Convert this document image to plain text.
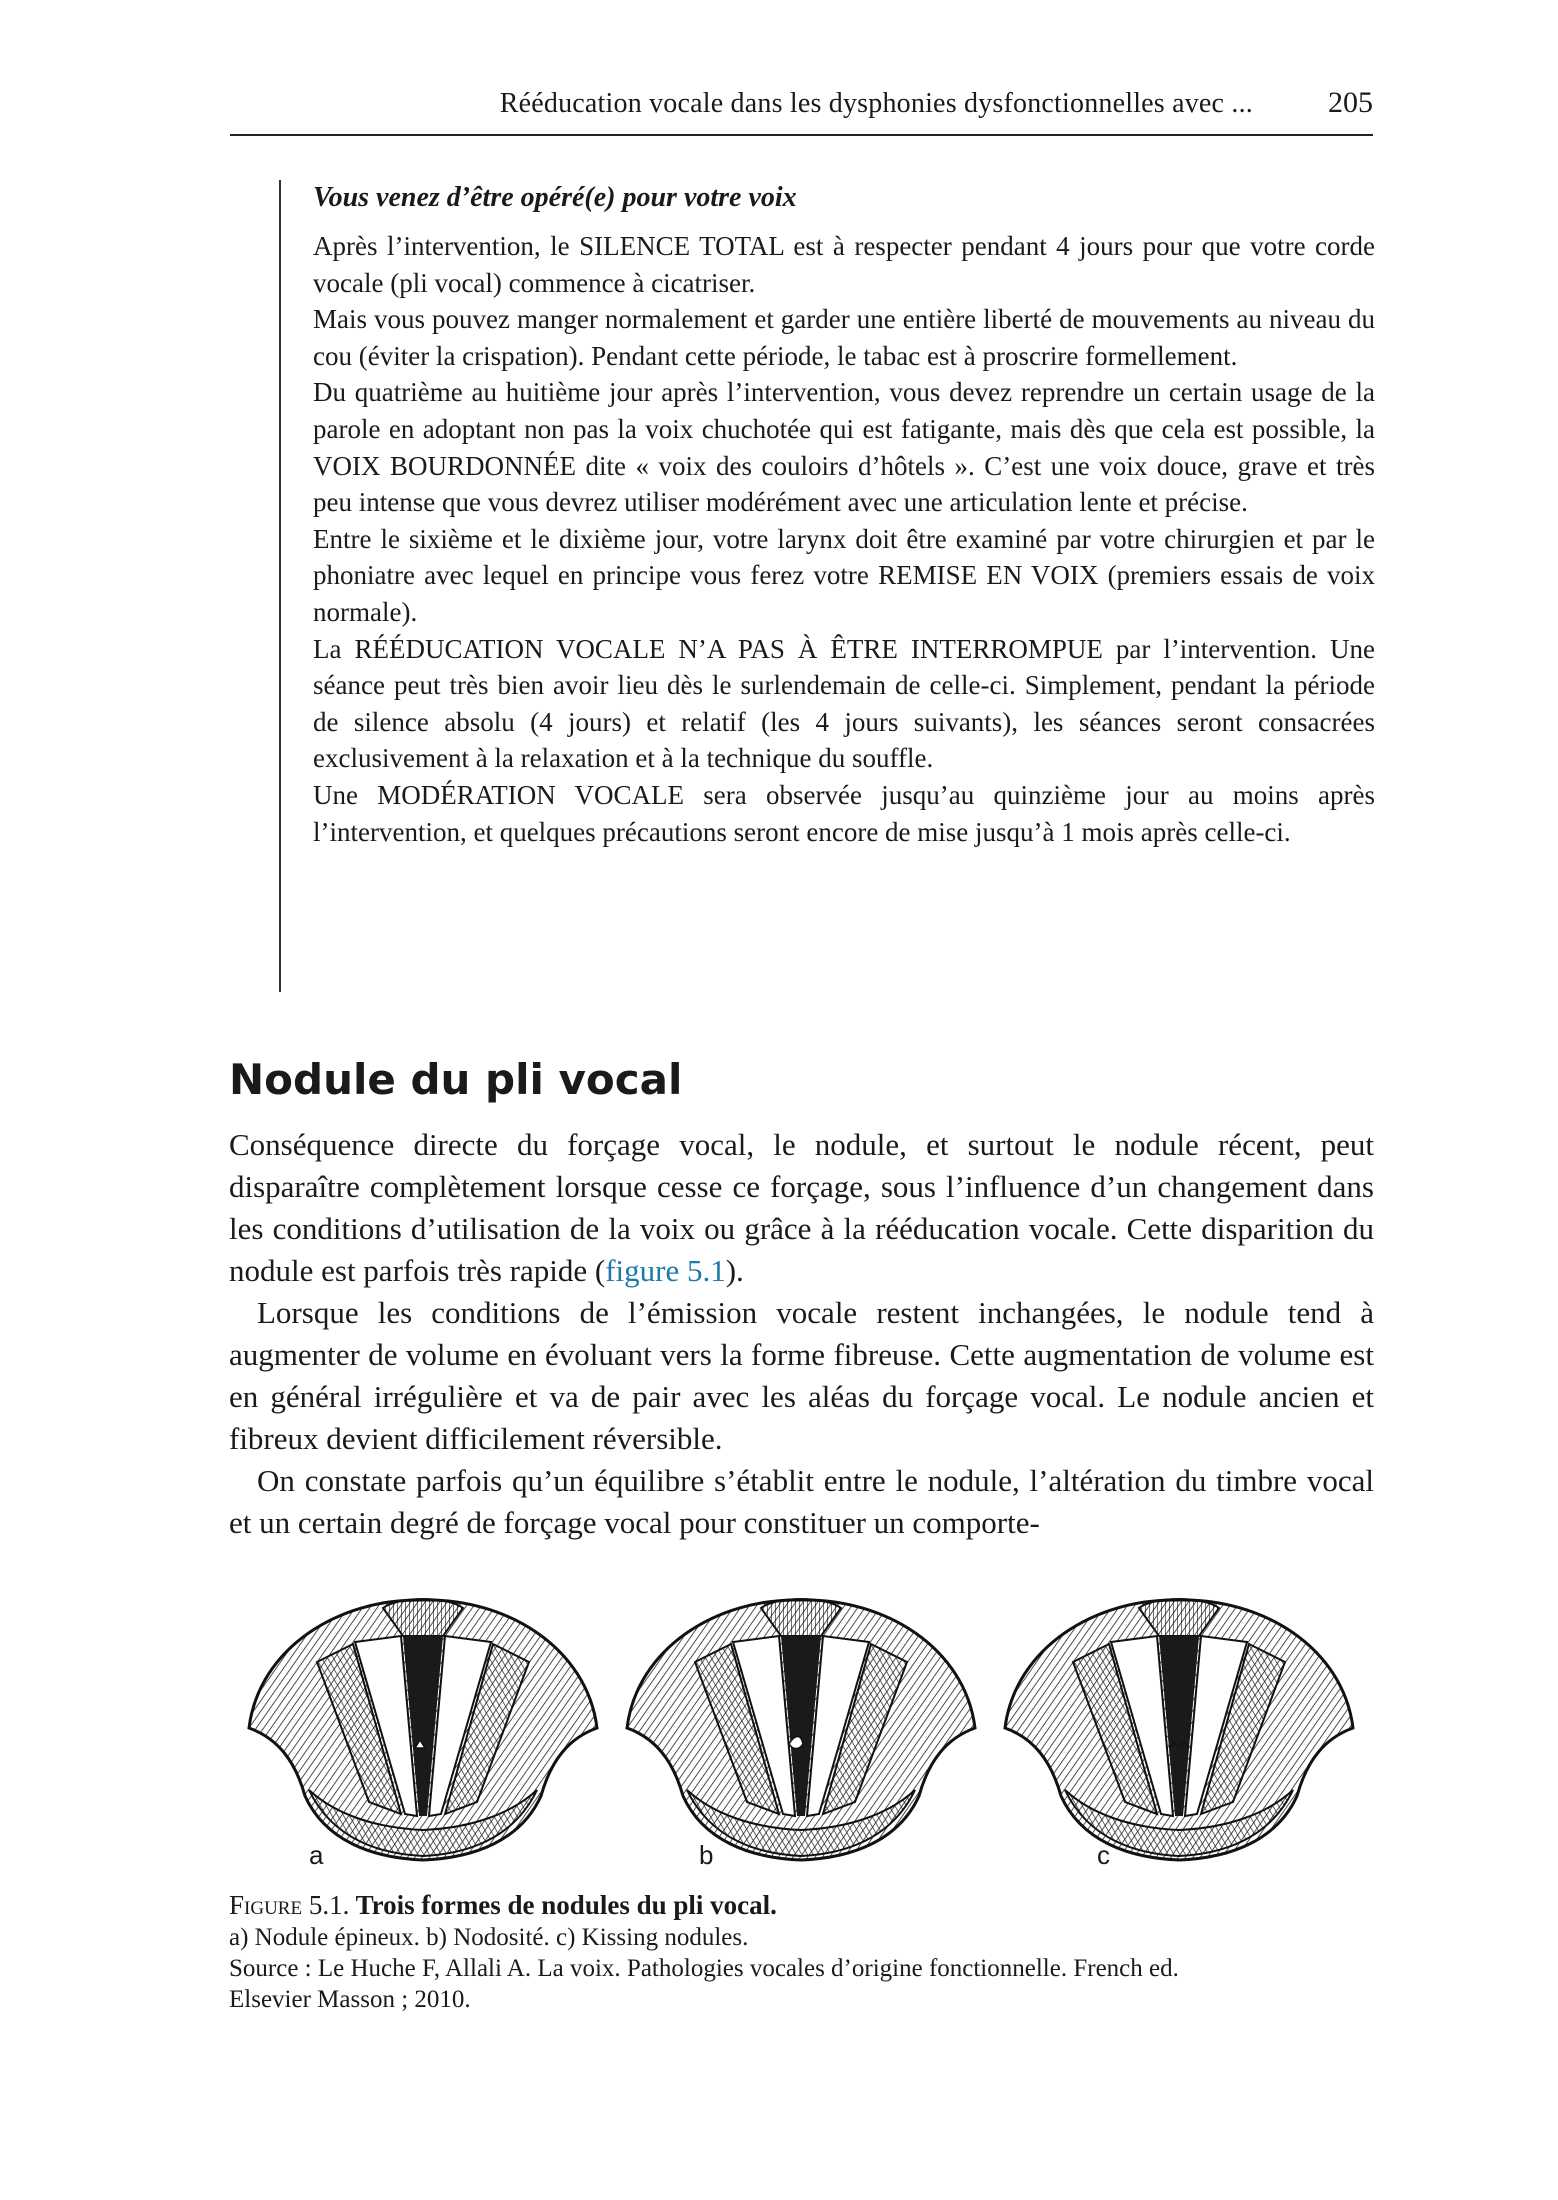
Rééducation vocale dans les dysphonies dysfonctionnelles avec ...	205

Vous venez d’être opéré(e) pour votre voix

Après l’intervention, le SILENCE TOTAL est à respecter pendant 4 jours pour que votre corde vocale (pli vocal) commence à cicatriser.

Mais vous pouvez manger normalement et garder une entière liberté de mouvements au niveau du cou (éviter la crispation). Pendant cette période, le tabac est à proscrire formellement.

Du quatrième au huitième jour après l’intervention, vous devez reprendre un certain usage de la parole en adoptant non pas la voix chuchotée qui est fatigante, mais dès que cela est possible, la VOIX BOURDONNÉE dite « voix des couloirs d’hôtels ». C’est une voix douce, grave et très peu intense que vous devrez utiliser modérément avec une articulation lente et précise.

Entre le sixième et le dixième jour, votre larynx doit être examiné par votre chirurgien et par le phoniatre avec lequel en principe vous ferez votre REMISE EN VOIX (premiers essais de voix normale).

La RÉÉDUCATION VOCALE N’A PAS À ÊTRE INTERROMPUE par l’intervention. Une séance peut très bien avoir lieu dès le surlendemain de celle-ci. Simplement, pendant la période de silence absolu (4 jours) et relatif (les 4 jours suivants), les séances seront consacrées exclusivement à la relaxation et à la technique du souffle.

Une MODÉRATION VOCALE sera observée jusqu’au quinzième jour au moins après l’intervention, et quelques précautions seront encore de mise jusqu’à 1 mois après celle-ci.

Nodule du pli vocal

Conséquence directe du forçage vocal, le nodule, et surtout le nodule récent, peut disparaître complètement lorsque cesse ce forçage, sous l’influence d’un changement dans les conditions d’utilisation de la voix ou grâce à la rééducation vocale. Cette disparition du nodule est parfois très rapide (figure 5.1).

Lorsque les conditions de l’émission vocale restent inchangées, le nodule tend à augmenter de volume en évoluant vers la forme fibreuse. Cette augmentation de volume est en général irrégulière et va de pair avec les aléas du forçage vocal. Le nodule ancien et fibreux devient difficilement réversible.

On constate parfois qu’un équilibre s’établit entre le nodule, l’altération du timbre vocal et un certain degré de forçage vocal pour constituer un comporte-

a	b	c

Figure 5.1. Trois formes de nodules du pli vocal.

a) Nodule épineux. b) Nodosité. c) Kissing nodules.

Source : Le Huche F, Allali A. La voix. Pathologies vocales d’origine fonctionnelle. French ed.

Elsevier Masson ; 2010.
